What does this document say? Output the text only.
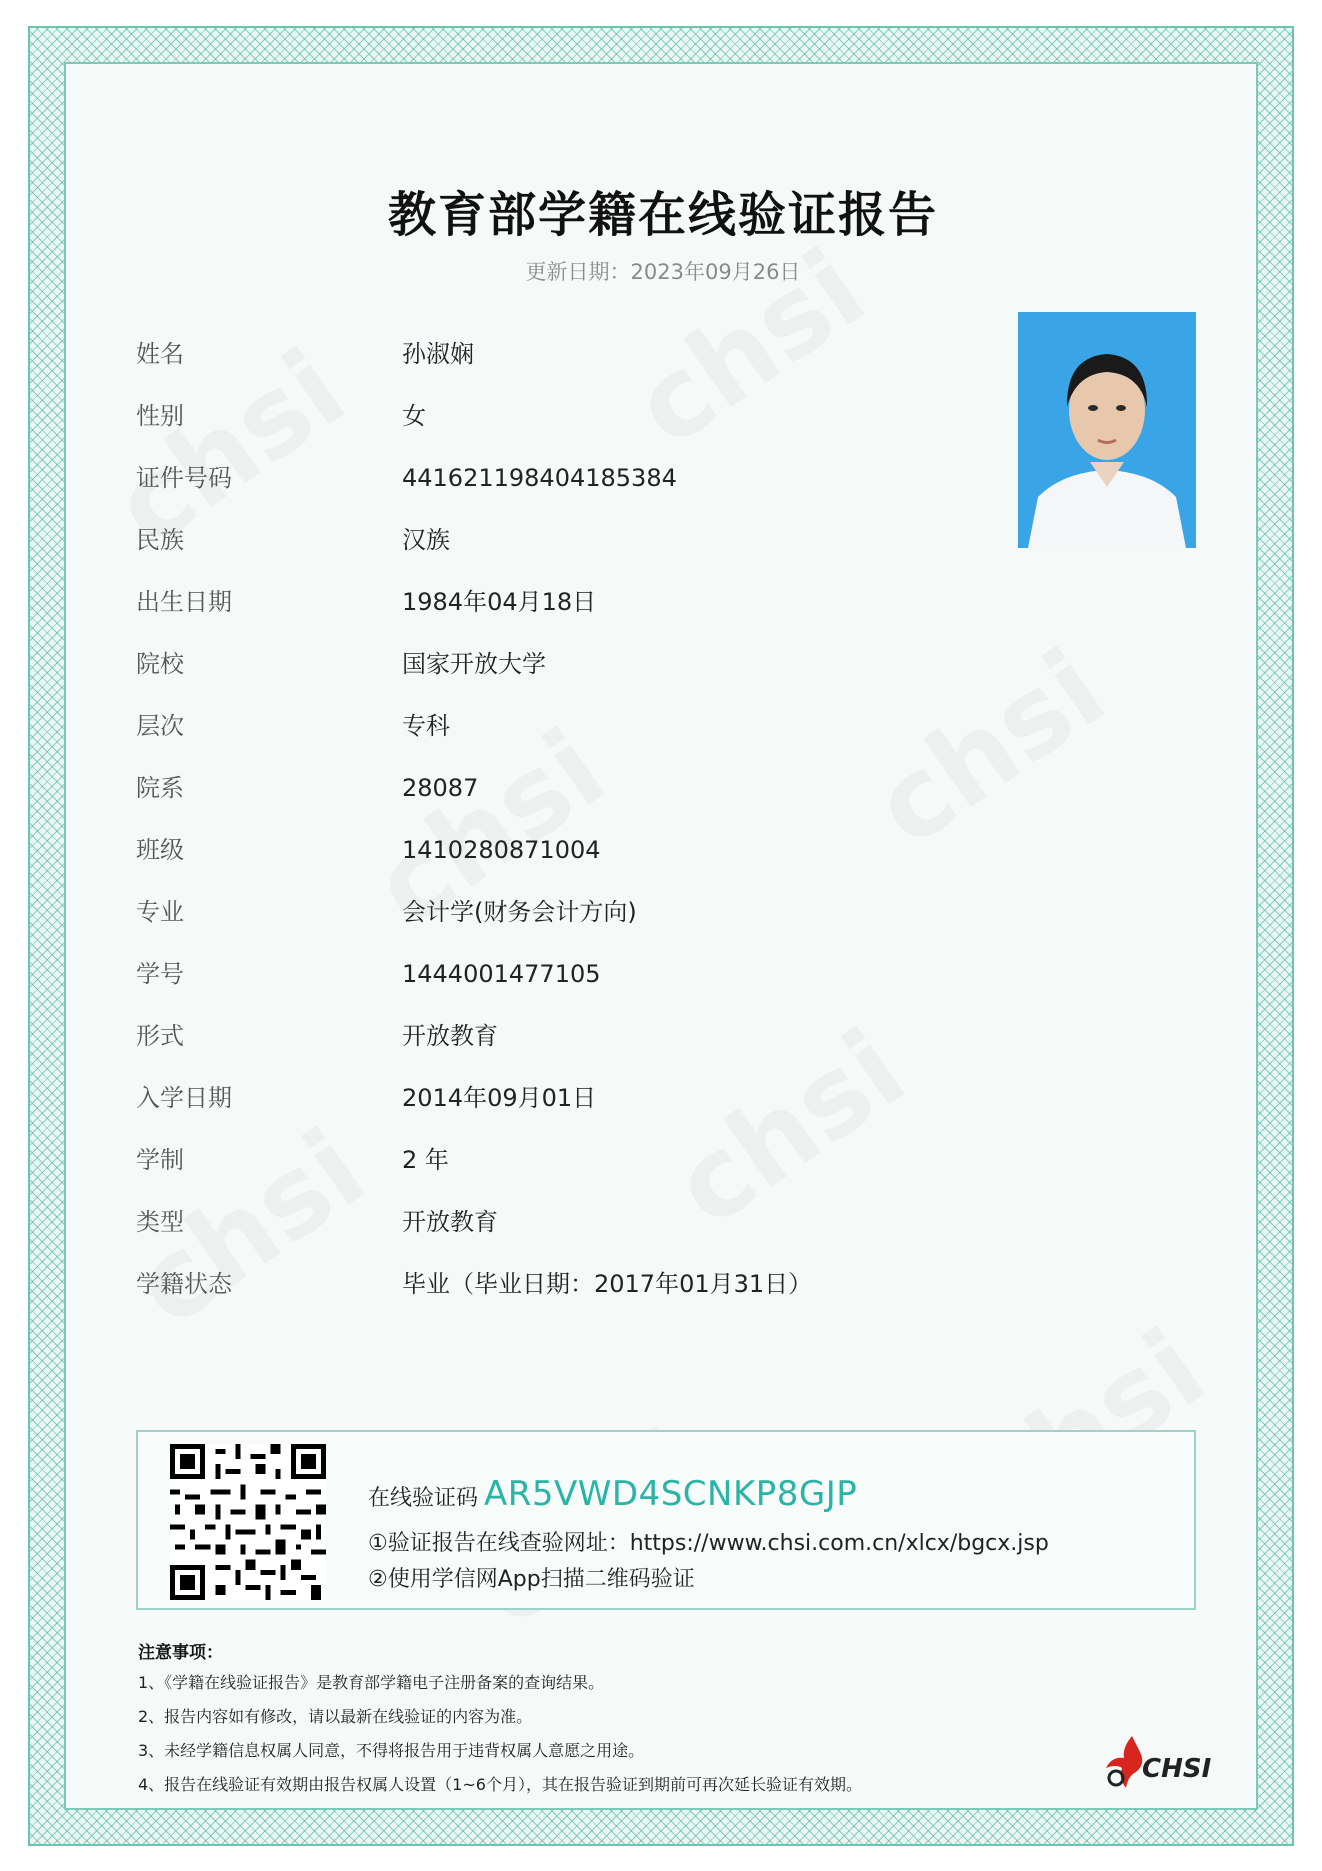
教育部学籍在线验证报告
更新日期：2023年09月26日
姓名	孙淑娴
性别	女
证件号码	441621198404185384
民族	汉族
出生日期	1984年04月18日
院校	国家开放大学
层次	专科
院系	28087
班级	1410280871004
专业	会计学(财务会计方向)
学号	1444001477105
形式	开放教育
入学日期	2014年09月01日
学制	2 年
类型	开放教育
学籍状态	毕业（毕业日期：2017年01月31日）
在线验证码 AR5VWD4SCNKP8GJP
①验证报告在线查验网址：https://www.chsi.com.cn/xlcx/bgcx.jsp
②使用学信网App扫描二维码验证
注意事项：
1、《学籍在线验证报告》是教育部学籍电子注册备案的查询结果。
2、报告内容如有修改，请以最新在线验证的内容为准。
3、未经学籍信息权属人同意，不得将报告用于违背权属人意愿之用途。
4、报告在线验证有效期由报告权属人设置（1~6个月），其在报告验证到期前可再次延长验证有效期。
CHSI
